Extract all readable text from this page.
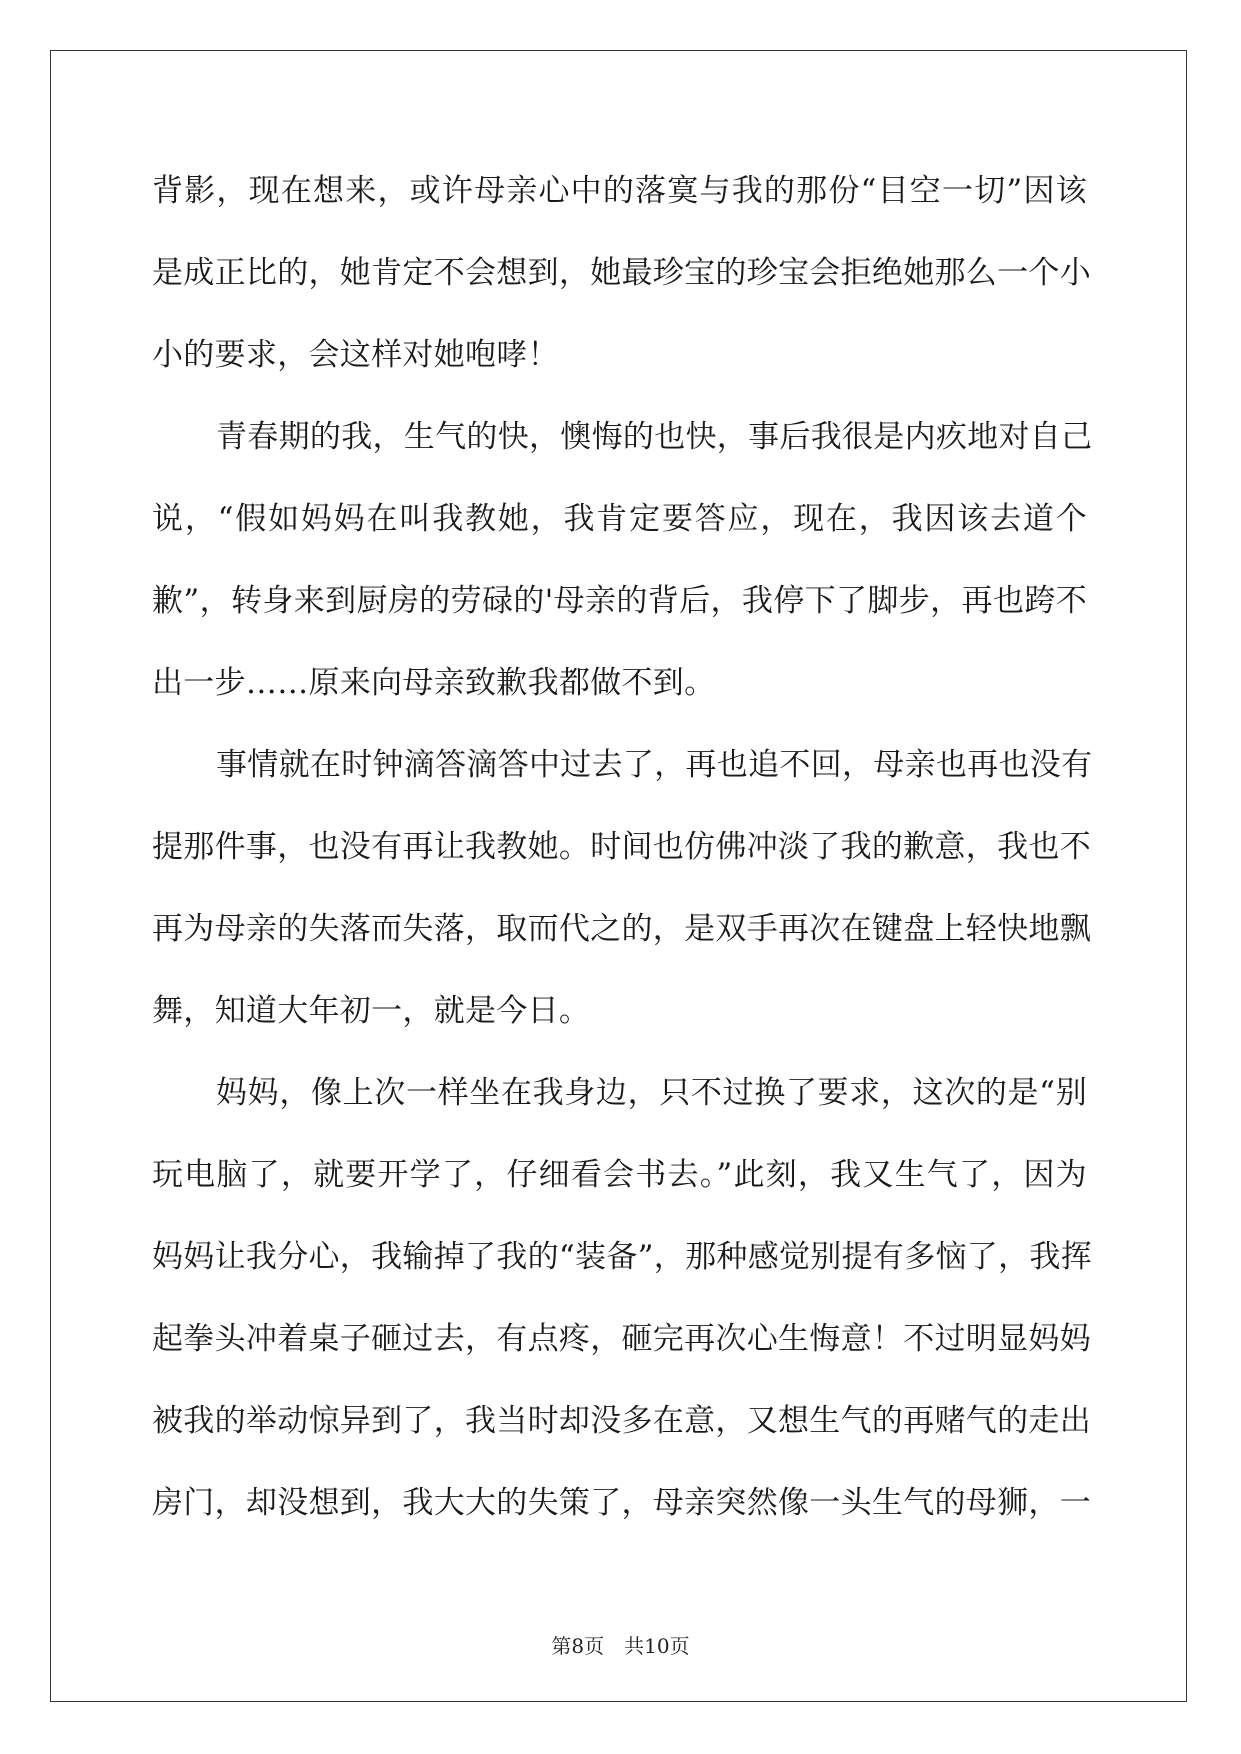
背影，现在想来，或许母亲心中的落寞与我的那份“目空一切”因该
是成正比的，她肯定不会想到，她最珍宝的珍宝会拒绝她那么一个小
小的要求，会这样对她咆哮！
青春期的我，生气的快，懊悔的也快，事后我很是内疚地对自己
说，“假如妈妈在叫我教她，我肯定要答应，现在，我因该去道个
歉”，转身来到厨房的劳碌的'母亲的背后，我停下了脚步，再也跨不
出一步……原来向母亲致歉我都做不到。
事情就在时钟滴答滴答中过去了，再也追不回，母亲也再也没有
提那件事，也没有再让我教她。时间也仿佛冲淡了我的歉意，我也不
再为母亲的失落而失落，取而代之的，是双手再次在键盘上轻快地飘
舞，知道大年初一，就是今日。
妈妈，像上次一样坐在我身边，只不过换了要求，这次的是“别
玩电脑了，就要开学了，仔细看会书去。”此刻，我又生气了，因为
妈妈让我分心，我输掉了我的“装备”，那种感觉别提有多恼了，我挥
起拳头冲着桌子砸过去，有点疼，砸完再次心生悔意！不过明显妈妈
被我的举动惊异到了，我当时却没多在意，又想生气的再赌气的走出
房门，却没想到，我大大的失策了，母亲突然像一头生气的母狮，一
第8页　共10页
